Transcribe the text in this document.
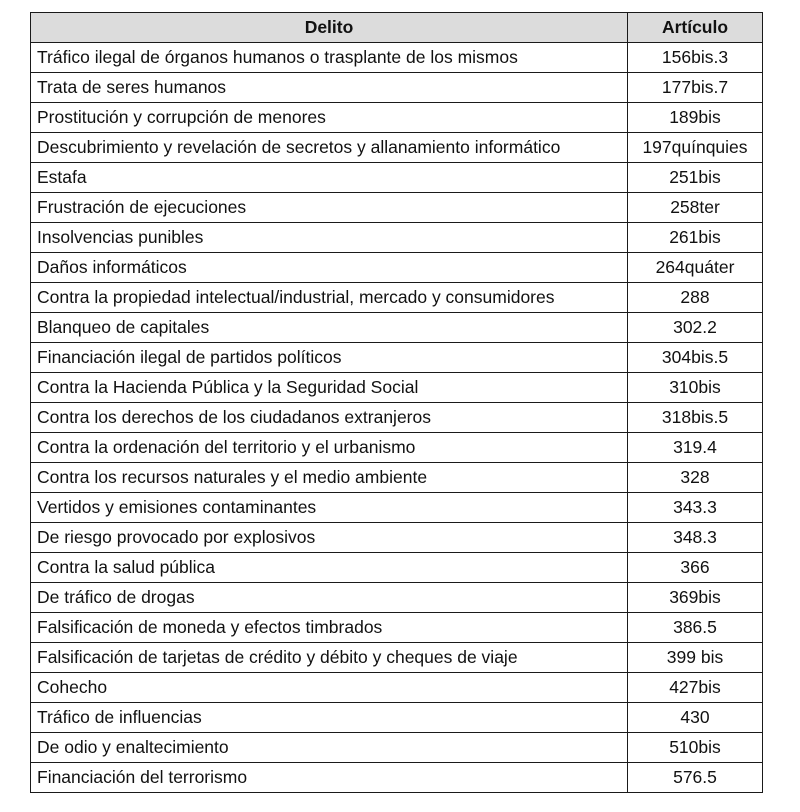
Delito	Artículo
Tráfico ilegal de órganos humanos o trasplante de los mismos	156bis.3
Trata de seres humanos	177bis.7
Prostitución y corrupción de menores	189bis
Descubrimiento y revelación de secretos y allanamiento informático	197quínquies
Estafa	251bis
Frustración de ejecuciones	258ter
Insolvencias punibles	261bis
Daños informáticos	264quáter
Contra la propiedad intelectual/industrial, mercado y consumidores	288
Blanqueo de capitales	302.2
Financiación ilegal de partidos políticos	304bis.5
Contra la Hacienda Pública y la Seguridad Social	310bis
Contra los derechos de los ciudadanos extranjeros	318bis.5
Contra la ordenación del territorio y el urbanismo	319.4
Contra los recursos naturales y el medio ambiente	328
Vertidos y emisiones contaminantes	343.3
De riesgo provocado por explosivos	348.3
Contra la salud pública	366
De tráfico de drogas	369bis
Falsificación de moneda y efectos timbrados	386.5
Falsificación de tarjetas de crédito y débito y cheques de viaje	399 bis
Cohecho	427bis
Tráfico de influencias	430
De odio y enaltecimiento	510bis
Financiación del terrorismo	576.5
